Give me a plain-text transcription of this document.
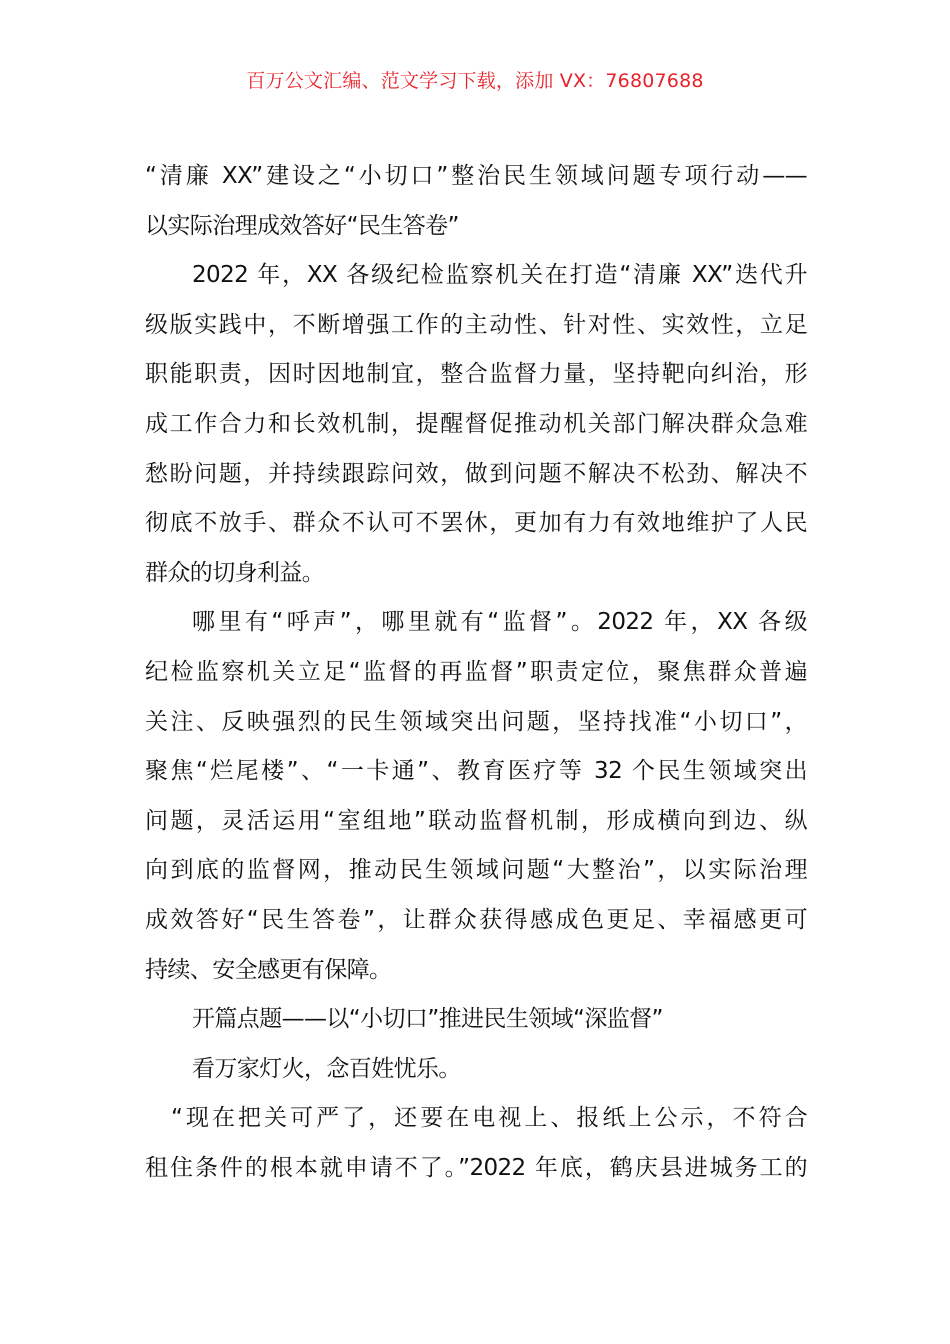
百万公文汇编、范文学习下载，添加 VX：76807688
“清廉 XX”建设之“小切口”整治民生领域问题专项行动——
以实际治理成效答好“民生答卷”
2022 年，XX 各级纪检监察机关在打造“清廉 XX”迭代升
级版实践中，不断增强工作的主动性、针对性、实效性，立足
职能职责，因时因地制宜，整合监督力量，坚持靶向纠治，形
成工作合力和长效机制，提醒督促推动机关部门解决群众急难
愁盼问题，并持续跟踪问效，做到问题不解决不松劲、解决不
彻底不放手、群众不认可不罢休，更加有力有效地维护了人民
群众的切身利益。
哪里有“呼声”，哪里就有“监督”。2022 年，XX 各级
纪检监察机关立足“监督的再监督”职责定位，聚焦群众普遍
关注、反映强烈的民生领域突出问题，坚持找准“小切口”，
聚焦“烂尾楼”、“一卡通”、教育医疗等 32 个民生领域突出
问题，灵活运用“室组地”联动监督机制，形成横向到边、纵
向到底的监督网，推动民生领域问题“大整治”，以实际治理
成效答好“民生答卷”，让群众获得感成色更足、幸福感更可
持续、安全感更有保障。
开篇点题——以“小切口”推进民生领域“深监督”
看万家灯火，念百姓忧乐。
“现在把关可严了，还要在电视上、报纸上公示，不符合
租住条件的根本就申请不了。”2022 年底，鹤庆县进城务工的
